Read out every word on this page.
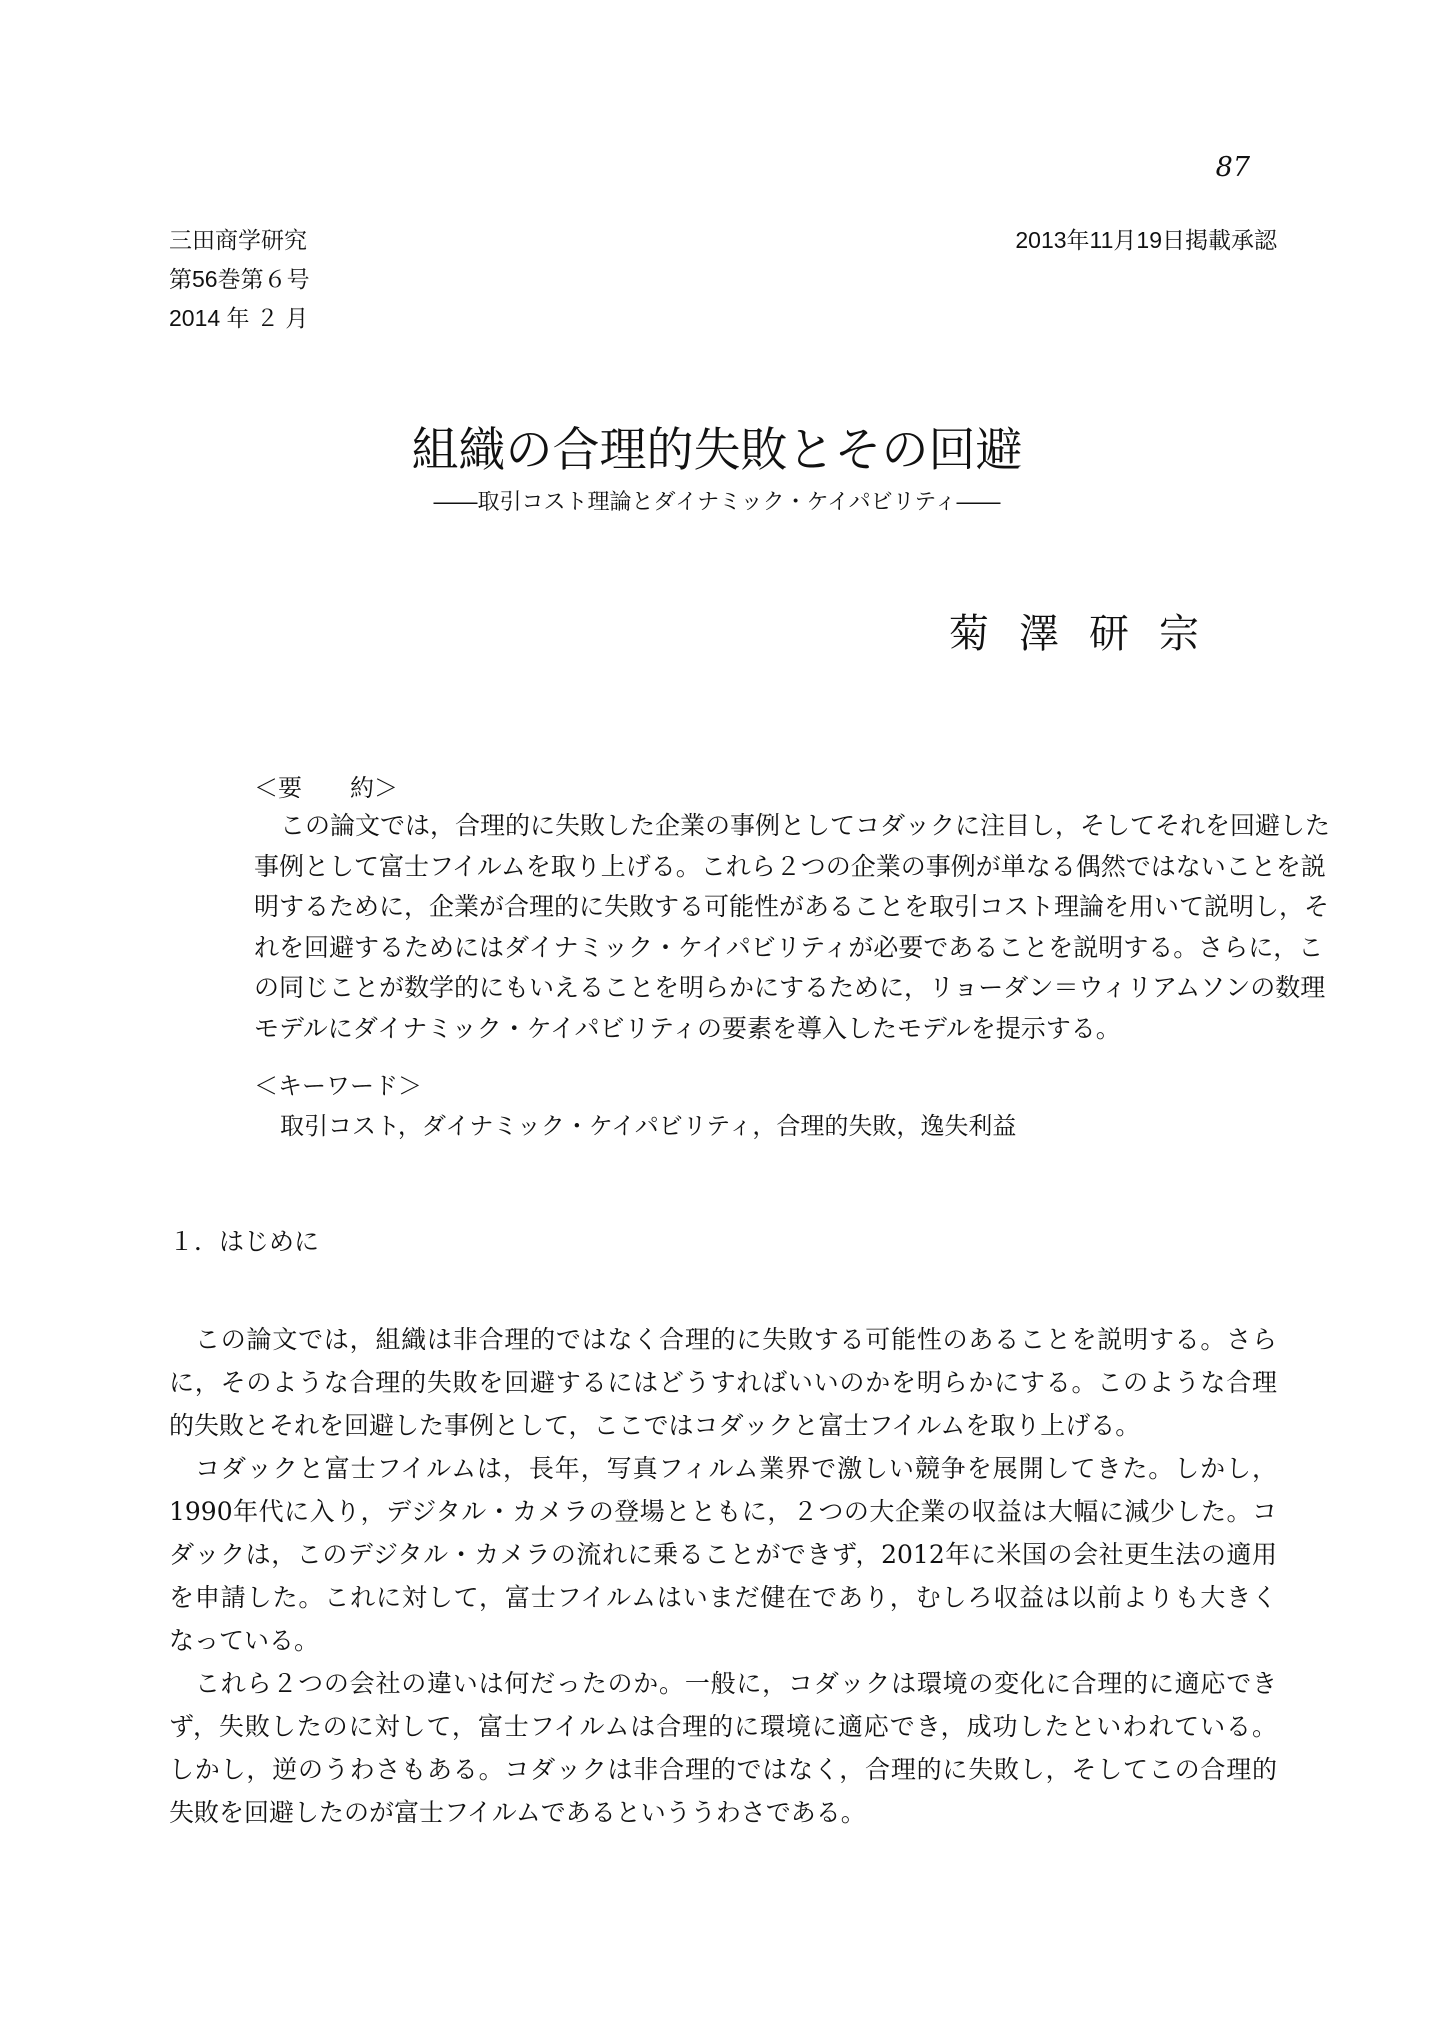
87
三田商学研究
第56巻第６号
2014 年 ２ 月
2013年11月19日掲載承認
組織の合理的失敗とその回避
――取引コスト理論とダイナミック・ケイパビリティ――
菊澤研宗
＜要　　約＞
この論文では，合理的に失敗した企業の事例としてコダックに注目し，そしてそれを回避した
事例として富士フイルムを取り上げる。これら２つの企業の事例が単なる偶然ではないことを説
明するために，企業が合理的に失敗する可能性があることを取引コスト理論を用いて説明し，そ
れを回避するためにはダイナミック・ケイパビリティが必要であることを説明する。さらに，こ
の同じことが数学的にもいえることを明らかにするために，リョーダン＝ウィリアムソンの数理
モデルにダイナミック・ケイパビリティの要素を導入したモデルを提示する。
＜キーワード＞
取引コスト，ダイナミック・ケイパビリティ，合理的失敗，逸失利益
１．はじめに
この論文では，組織は非合理的ではなく合理的に失敗する可能性のあることを説明する。さら
に，そのような合理的失敗を回避するにはどうすればいいのかを明らかにする。このような合理
的失敗とそれを回避した事例として，ここではコダックと富士フイルムを取り上げる。
コダックと富士フイルムは，長年，写真フィルム業界で激しい競争を展開してきた。しかし，
1990年代に入り，デジタル・カメラの登場とともに，２つの大企業の収益は大幅に減少した。コ
ダックは，このデジタル・カメラの流れに乗ることができず，2012年に米国の会社更生法の適用
を申請した。これに対して，富士フイルムはいまだ健在であり，むしろ収益は以前よりも大きく
なっている。
これら２つの会社の違いは何だったのか。一般に，コダックは環境の変化に合理的に適応でき
ず，失敗したのに対して，富士フイルムは合理的に環境に適応でき，成功したといわれている。
しかし，逆のうわさもある。コダックは非合理的ではなく，合理的に失敗し，そしてこの合理的
失敗を回避したのが富士フイルムであるといううわさである。
